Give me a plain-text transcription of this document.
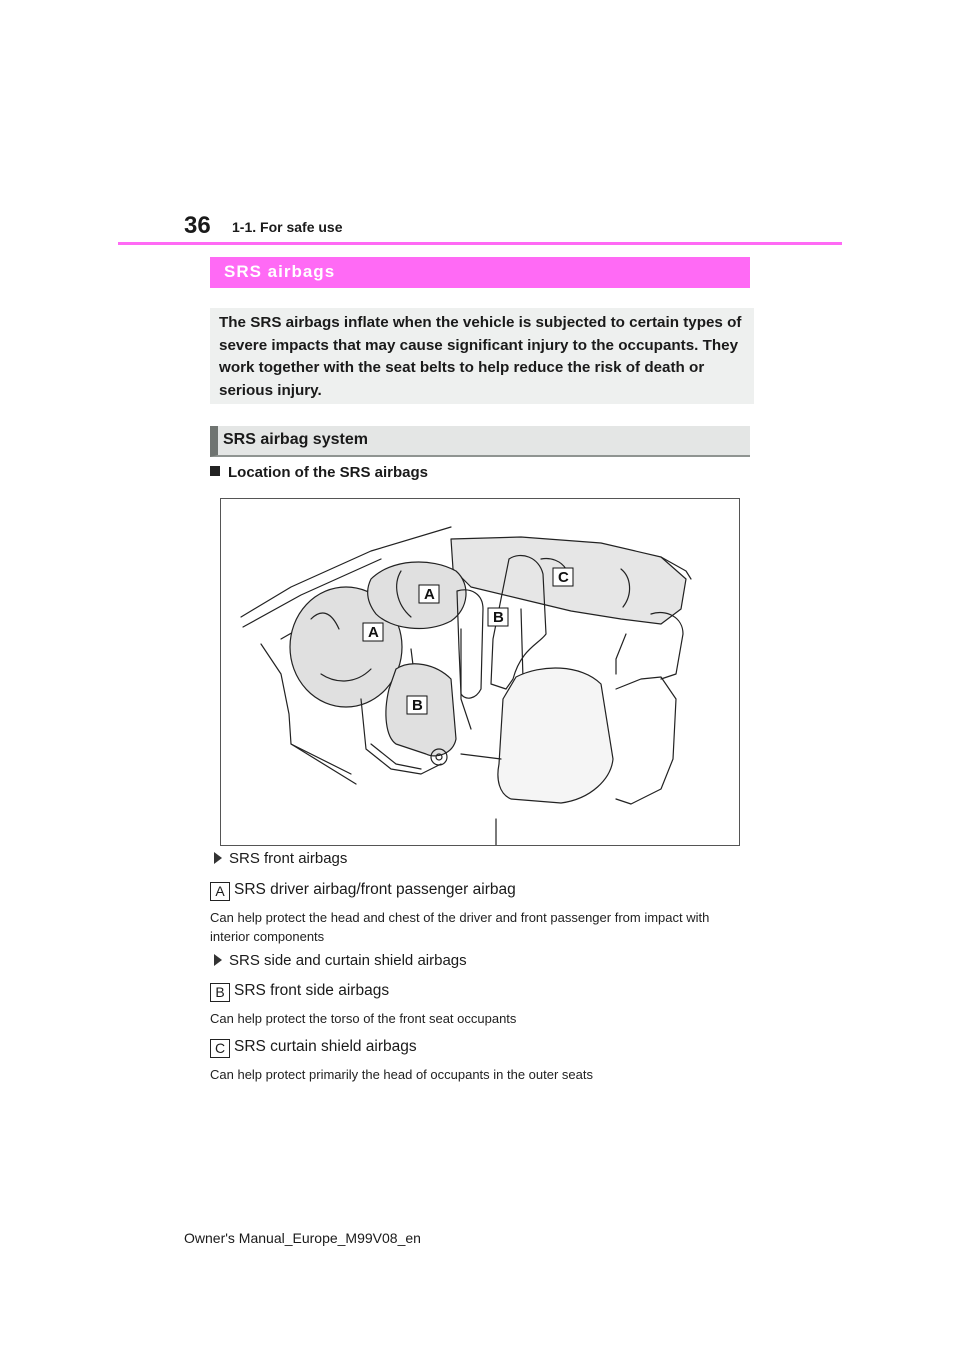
36 1-1. For safe use
SRS airbags

The SRS airbags inflate when the vehicle is subjected to certain types of severe impacts that may cause significant injury to the occupants. They work together with the seat belts to help reduce the risk of death or serious injury.

SRS airbag system
Location of the SRS airbags
A
A
B
B
C
SRS front airbags
A SRS driver airbag/front passenger airbag
Can help protect the head and chest of the driver and front passenger from impact with interior components
SRS side and curtain shield airbags
B SRS front side airbags
Can help protect the torso of the front seat occupants
C SRS curtain shield airbags
Can help protect primarily the head of occupants in the outer seats
Owner's Manual_Europe_M99V08_en
